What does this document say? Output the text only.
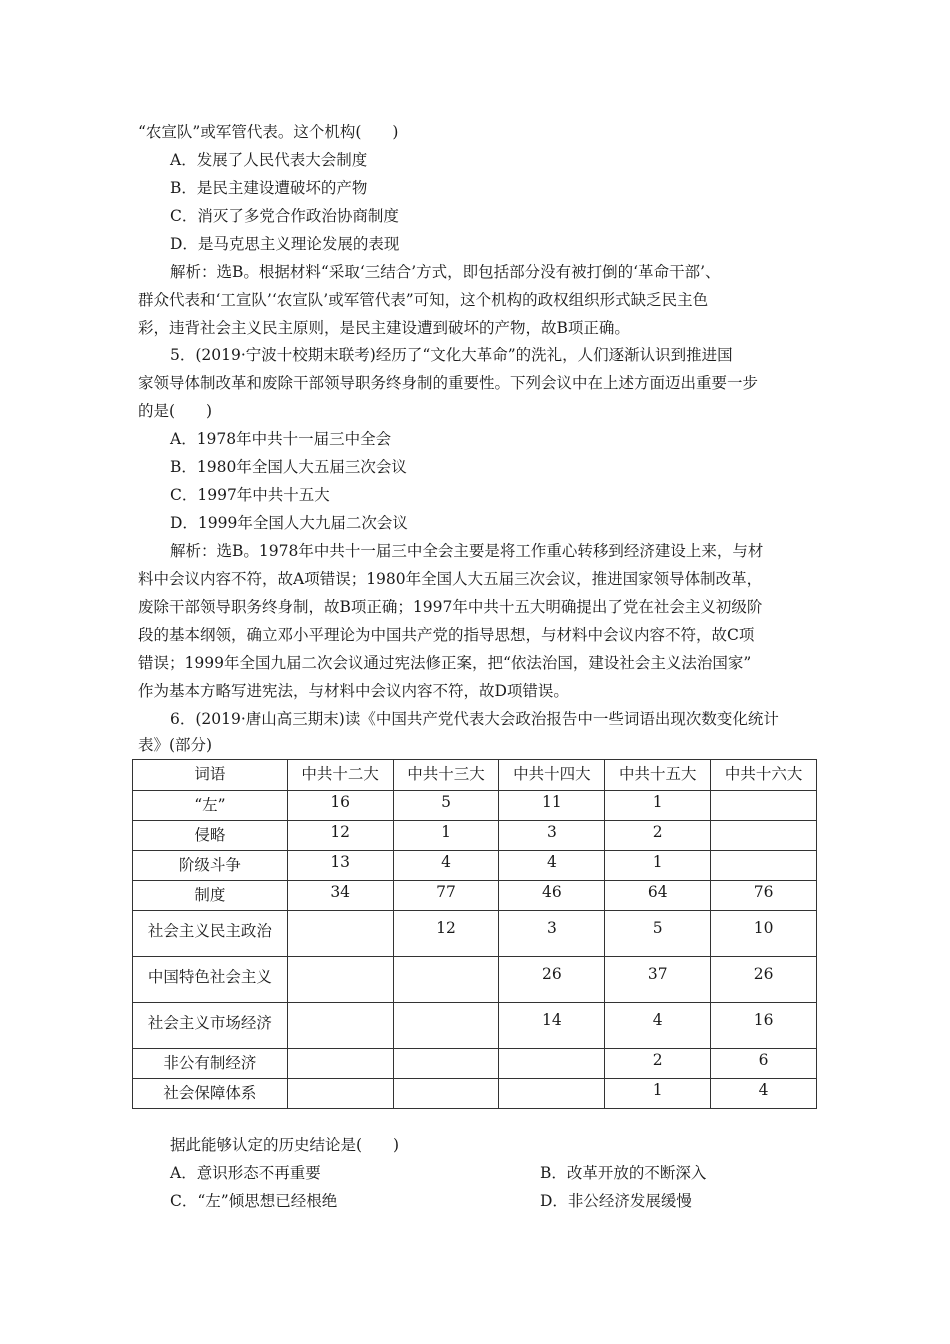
“农宣队”或军管代表。这个机构(　　)
A．发展了人民代表大会制度
B．是民主建设遭破坏的产物
C．消灭了多党合作政治协商制度
D．是马克思主义理论发展的表现
解析：选B。根据材料“采取‘三结合’方式，即包括部分没有被打倒的‘革命干部’、
群众代表和‘工宣队’‘农宣队’或军管代表”可知，这个机构的政权组织形式缺乏民主色
彩，违背社会主义民主原则，是民主建设遭到破坏的产物，故B项正确。
5．(2019·宁波十校期末联考)经历了“文化大革命”的洗礼，人们逐渐认识到推进国
家领导体制改革和废除干部领导职务终身制的重要性。下列会议中在上述方面迈出重要一步
的是(　　)
A．1978年中共十一届三中全会
B．1980年全国人大五届三次会议
C．1997年中共十五大
D．1999年全国人大九届二次会议
解析：选B。1978年中共十一届三中全会主要是将工作重心转移到经济建设上来，与材
料中会议内容不符，故A项错误；1980年全国人大五届三次会议，推进国家领导体制改革，
废除干部领导职务终身制，故B项正确；1997年中共十五大明确提出了党在社会主义初级阶
段的基本纲领，确立邓小平理论为中国共产党的指导思想，与材料中会议内容不符，故C项
错误；1999年全国九届二次会议通过宪法修正案，把“依法治国，建设社会主义法治国家”
作为基本方略写进宪法，与材料中会议内容不符，故D项错误。
6．(2019·唐山高三期末)读《中国共产党代表大会政治报告中一些词语出现次数变化统计
表》(部分)
词语	中共十二大	中共十三大	中共十四大	中共十五大	中共十六大
“左”	16	5	11	1	
侵略	12	1	3	2	
阶级斗争	13	4	4	1	
制度	34	77	46	64	76
社会主义民主政治		12	3	5	10
中国特色社会主义			26	37	26
社会主义市场经济			14	4	16
非公有制经济				2	6
社会保障体系				1	4
据此能够认定的历史结论是(　　)
A．意识形态不再重要	B．改革开放的不断深入
C．“左”倾思想已经根绝	D．非公经济发展缓慢
